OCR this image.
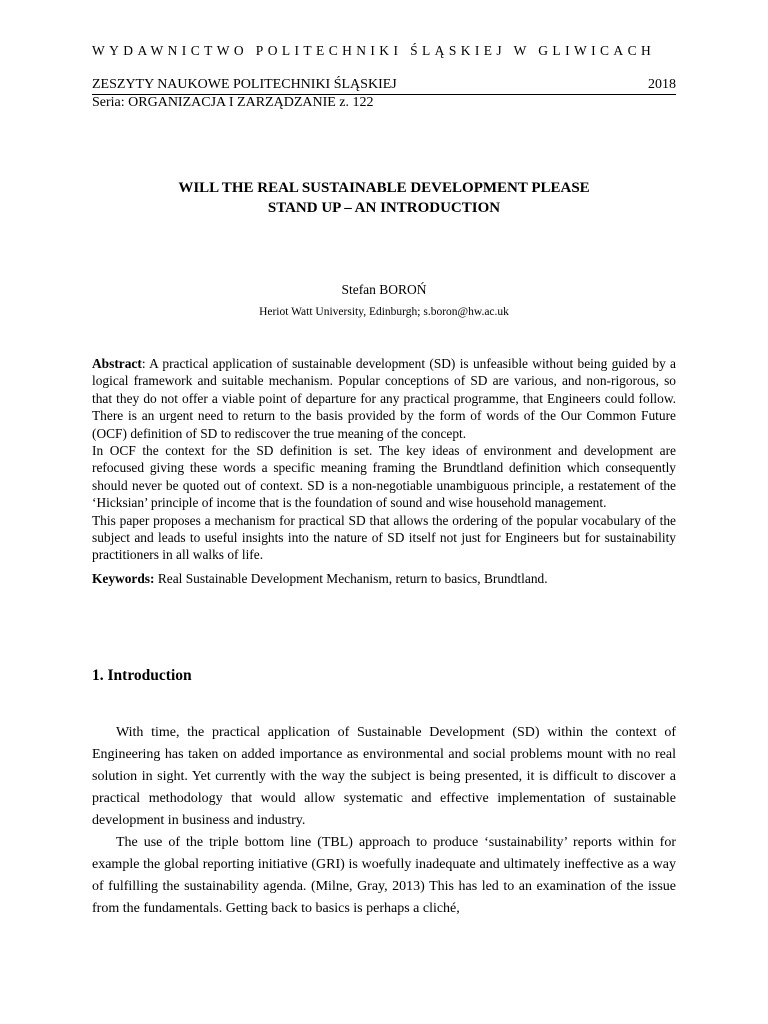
WYDAWNICTWO POLITECHNIKI ŚLĄSKIEJ W GLIWICACH
ZESZYTY NAUKOWE POLITECHNIKI ŚLĄSKIEJ	2018
Seria: ORGANIZACJA I ZARZĄDZANIE z. 122
WILL THE REAL SUSTAINABLE DEVELOPMENT PLEASE
STAND UP – AN INTRODUCTION
Stefan BOROŃ
Heriot Watt University, Edinburgh; s.boron@hw.ac.uk

Abstract: A practical application of sustainable development (SD) is unfeasible without being guided by a logical framework and suitable mechanism. Popular conceptions of SD are various, and non-rigorous, so that they do not offer a viable point of departure for any practical programme, that Engineers could follow. There is an urgent need to return to the basis provided by the form of words of the Our Common Future (OCF) definition of SD to rediscover the true meaning of the concept.

In OCF the context for the SD definition is set. The key ideas of environment and development are refocused giving these words a specific meaning framing the Brundtland definition which consequently should never be quoted out of context. SD is a non-negotiable unambiguous principle, a restatement of the ‘Hicksian’ principle of income that is the foundation of sound and wise household management.

This paper proposes a mechanism for practical SD that allows the ordering of the popular vocabulary of the subject and leads to useful insights into the nature of SD itself not just for Engineers but for sustainability practitioners in all walks of life.

Keywords: Real Sustainable Development Mechanism, return to basics, Brundtland.

1. Introduction

With time, the practical application of Sustainable Development (SD) within the context of Engineering has taken on added importance as environmental and social problems mount with no real solution in sight. Yet currently with the way the subject is being presented, it is difficult to discover a practical methodology that would allow systematic and effective implementation of sustainable development in business and industry.

The use of the triple bottom line (TBL) approach to produce ‘sustainability’ reports within for example the global reporting initiative (GRI) is woefully inadequate and ultimately ineffective as a way of fulfilling the sustainability agenda. (Milne, Gray, 2013) This has led to an examination of the issue from the fundamentals. Getting back to basics is perhaps a cliché,
